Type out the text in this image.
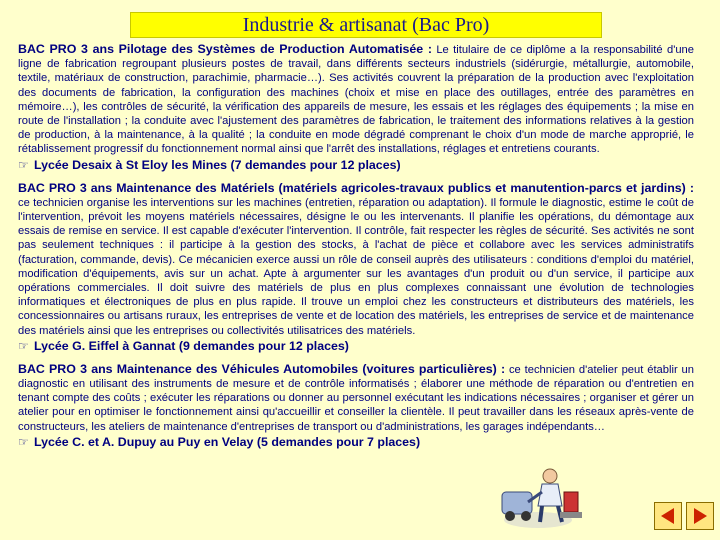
Industrie & artisanat (Bac Pro)

BAC PRO 3 ans Pilotage des Systèmes de Production Automatisée : Le titulaire de ce diplôme a la responsabilité d'une ligne de fabrication regroupant plusieurs postes de travail, dans différents secteurs industriels (sidérurgie, métallurgie, automobile, textile, matériaux de construction, parachimie, pharmacie…). Ses activités couvrent la préparation de la production avec l'exploitation des documents de fabrication, la configuration des machines (choix et mise en place des outillages, entrée des paramètres en mémoire…), les contrôles de sécurité, la vérification des appareils de mesure, les essais et les réglages des équipements ; la mise en route de l'installation ; la conduite avec l'ajustement des paramètres de fabrication, le traitement des informations relatives à la gestion de production, à la maintenance, à la qualité ; la conduite en mode dégradé comprenant le choix d'un mode de marche approprié, le rétablissement progressif du fonctionnement normal ainsi que l'arrêt des installations, réglages et entretiens courants.

☞ Lycée Desaix à St Eloy les Mines (7 demandes pour 12 places)

BAC PRO 3 ans Maintenance des Matériels (matériels agricoles-travaux publics et manutention-parcs et jardins) : ce technicien organise les interventions sur les machines (entretien, réparation ou adaptation). Il formule le diagnostic, estime le coût de l'intervention, prévoit les moyens matériels nécessaires, désigne le ou les intervenants. Il planifie les opérations, du démontage aux essais de remise en service. Il est capable d'exécuter l'intervention. Il contrôle, fait respecter les règles de sécurité. Ses activités ne sont pas seulement techniques : il participe à la gestion des stocks, à l'achat de pièce et collabore avec les services administratifs (facturation, commande, devis). Ce mécanicien exerce aussi un rôle de conseil auprès des utilisateurs : conditions d'emploi du matériel, modification d'équipements, avis sur un achat. Apte à argumenter sur les avantages d'un produit ou d'un service, il participe aux opérations commerciales. Il doit suivre des matériels de plus en plus complexes connaissant une évolution de technologies informatiques et électroniques de plus en plus rapide. Il trouve un emploi chez les constructeurs et distributeurs des matériels, les concessionnaires ou artisans ruraux, les entreprises de vente et de location des matériels, les entreprises de service et de maintenance des matériels ainsi que les entreprises ou collectivités utilisatrices des matériels.

☞ Lycée G. Eiffel à Gannat (9 demandes pour 12 places)

BAC PRO 3 ans Maintenance des Véhicules Automobiles (voitures particulières) : ce technicien d'atelier peut établir un diagnostic en utilisant des instruments de mesure et de contrôle informatisés ; élaborer une méthode de réparation ou d'entretien en tenant compte des coûts ; exécuter les réparations ou donner au personnel exécutant les indications nécessaires ; organiser et gérer un atelier pour en optimiser le fonctionnement ainsi qu'accueillir et conseiller la clientèle. Il peut travailler dans les réseaux après-vente de constructeurs, les ateliers de maintenance d'entreprises de transport ou d'administrations, les garages indépendants…

☞ Lycée C. et A. Dupuy au Puy en Velay (5 demandes pour 7 places)
